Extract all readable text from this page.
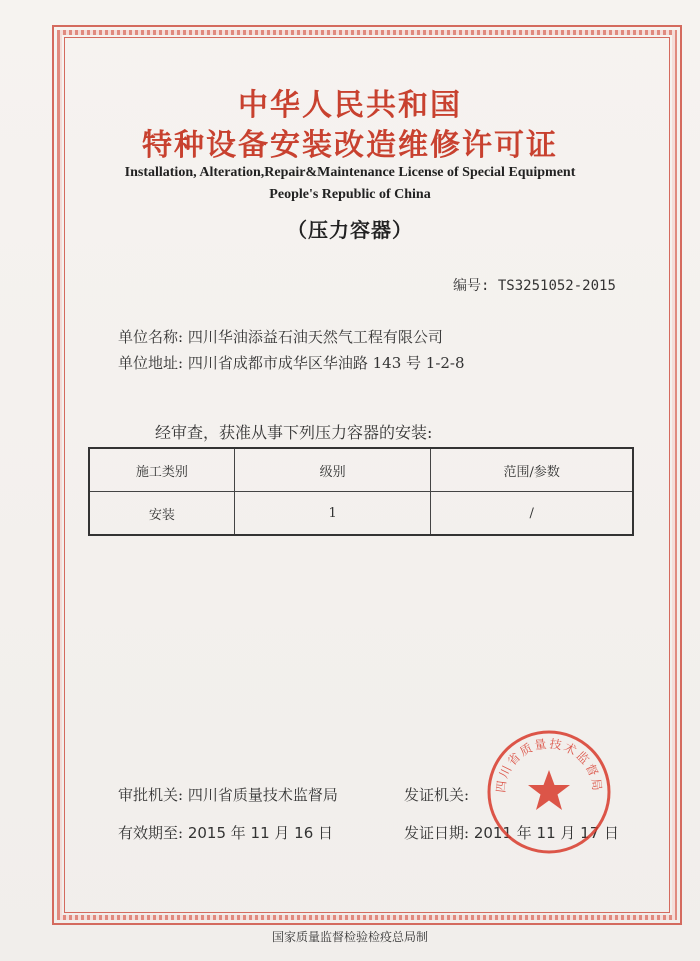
中华人民共和国
特种设备安装改造维修许可证
Installation, Alteration,Repair&Maintenance License of Special Equipment
People's Republic of China
（压力容器）
编号: TS3251052-2015
单位名称: 四川华油添益石油天然气工程有限公司
单位地址: 四川省成都市成华区华油路 143 号 1-2-8
经审查，获准从事下列压力容器的安装:
施工类别	级别	范围/参数
安装	1	/
审批机关: 四川省质量技术监督局	发证机关:
有效期至: 2015 年 11 月 16 日	发证日期: 2011 年 11 月 17 日
四川省质量技术监督局
国家质量监督检验检疫总局制
